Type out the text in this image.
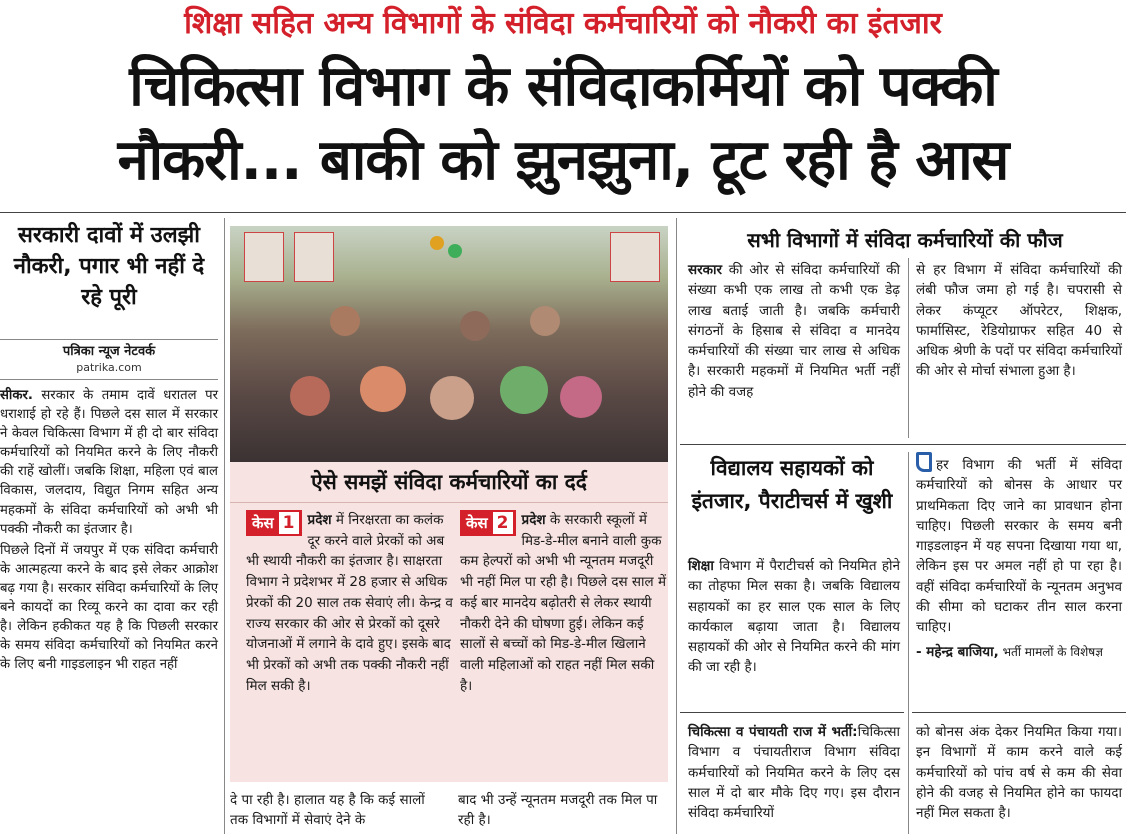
शिक्षा सहित अन्य विभागों के संविदा कर्मचारियों को नौकरी का इंतजार
चिकित्सा विभाग के संविदाकर्मियों को पक्की
नौकरी... बाकी को झुनझुना, टूट रही है आस
सरकारी दावों में उलझी नौकरी, पगार भी नहीं दे रहे पूरी
पत्रिका न्यूज नेटवर्क
patrika.com

सीकर. सरकार के तमाम दावें धरातल पर धराशाई हो रहे हैं। पिछले दस साल में सरकार ने केवल चिकित्सा विभाग में ही दो बार संविदा कर्मचारियों को नियमित करने के लिए नौकरी की राहें खोलीं। जबकि शिक्षा, महिला एवं बाल विकास, जलदाय, विद्युत निगम सहित अन्य महकमों के संविदा कर्मचारियों को अभी भी पक्की नौकरी का इंतजार है।

पिछले दिनों में जयपुर में एक संविदा कर्मचारी के आत्महत्या करने के बाद इसे लेकर आक्रोश बढ़ गया है। सरकार संविदा कर्मचारियों के लिए बने कायदों का रिव्यू करने का दावा कर रही है। लेकिन हकीकत यह है कि पिछली सरकार के समय संविदा कर्मचारियों को नियमित करने के लिए बनी गाइडलाइन भी राहत नहीं

ऐसे समझें संविदा कर्मचारियों का दर्द
केस 1 प्रदेश में निरक्षरता का कलंक दूर करने वाले प्रेरकों को अब भी स्थायी नौकरी का इंतजार है। साक्षरता विभाग ने प्रदेशभर में 28 हजार से अधिक प्रेरकों की 20 साल तक सेवाएं ली। केन्द्र व राज्य सरकार की ओर से प्रेरकों को दूसरे योजनाओं में लगाने के दावे हुए। इसके बाद भी प्रेरकों को अभी तक पक्की नौकरी नहीं मिल सकी है।
केस 2 प्रदेश के सरकारी स्कूलों में मिड-डे-मील बनाने वाली कुक कम हेल्परों को अभी भी न्यूनतम मजदूरी भी नहीं मिल पा रही है। पिछले दस साल में कई बार मानदेय बढ़ोतरी से लेकर स्थायी नौकरी देने की घोषणा हुई। लेकिन कई सालों से बच्चों को मिड-डे-मील खिलाने वाली महिलाओं को राहत नहीं मिल सकी है।
दे पा रही है। हालात यह है कि कई सालों तक विभागों में सेवाएं देने के
बाद भी उन्हें न्यूनतम मजदूरी तक मिल पा रही है।
सभी विभागों में संविदा कर्मचारियों की फौज
सरकार की ओर से संविदा कर्मचारियों की संख्या कभी एक लाख तो कभी एक डेढ़ लाख बताई जाती है। जबकि कर्मचारी संगठनों के हिसाब से संविदा व मानदेय कर्मचारियों की संख्या चार लाख से अधिक है। सरकारी महकमों में नियमित भर्ती नहीं होने की वजह
से हर विभाग में संविदा कर्मचारियों की लंबी फौज जमा हो गई है। चपरासी से लेकर कंप्यूटर ऑपरेटर, शिक्षक, फार्मासिस्ट, रेडियोग्राफर सहित 40 से अधिक श्रेणी के पदों पर संविदा कर्मचारियों की ओर से मोर्चा संभाला हुआ है।
विद्यालय सहायकों को इंतजार, पैराटीचर्स में खुशी
शिक्षा विभाग में पैराटीचर्स को नियमित होने का तोहफा मिल सका है। जबकि विद्यालय सहायकों का हर साल एक साल के लिए कार्यकाल बढ़ाया जाता है। विद्यालय सहायकों की ओर से नियमित करने की मांग की जा रही है।
चिकित्सा व पंचायती राज में भर्ती:चिकित्सा विभाग व पंचायतीराज विभाग संविदा कर्मचारियों को नियमित करने के लिए दस साल में दो बार मौके दिए गए। इस दौरान संविदा कर्मचारियों
हर विभाग की भर्ती में संविदा कर्मचारियों को बोनस के आधार पर प्राथमिकता दिए जाने का प्रावधान होना चाहिए। पिछली सरकार के समय बनी गाइडलाइन में यह सपना दिखाया गया था, लेकिन इस पर अमल नहीं हो पा रहा है। वहीं संविदा कर्मचारियों के न्यूनतम अनुभव की सीमा को घटाकर तीन साल करना चाहिए।
- महेन्द्र बाजिया, भर्ती मामलों के विशेषज्ञ
को बोनस अंक देकर नियमित किया गया। इन विभागों में काम करने वाले कई कर्मचारियों को पांच वर्ष से कम की सेवा होने की वजह से नियमित होने का फायदा नहीं मिल सकता है।
